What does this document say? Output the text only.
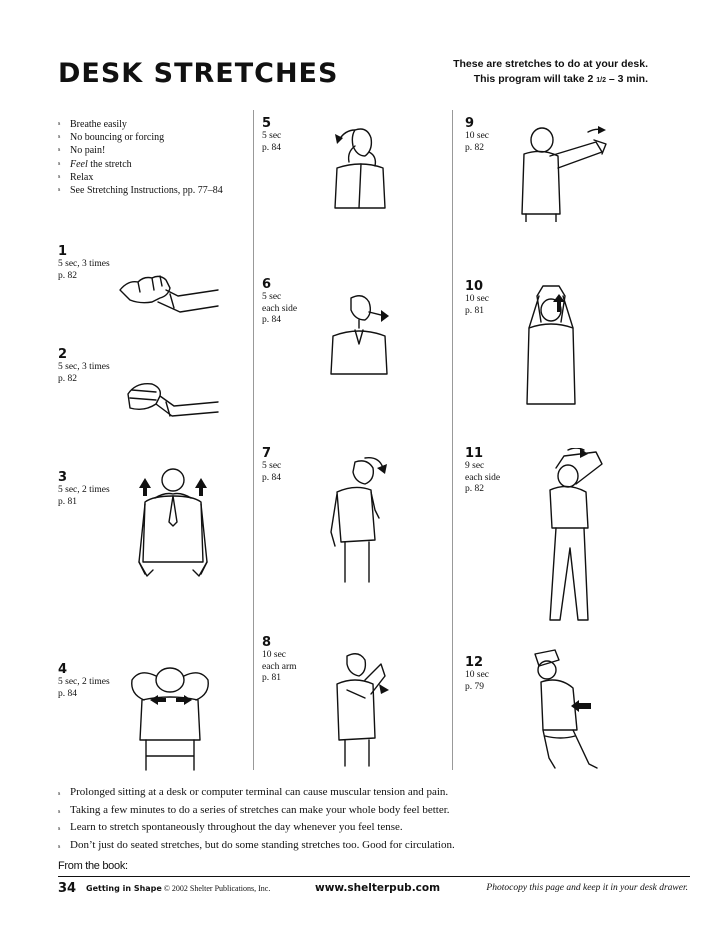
DESK STRETCHES	These are stretches to do at your desk.
This program will take 2 1/2 – 3 min.
s Breathe easily
s No bouncing or forcing
s No pain!
s Feel the stretch
s Relax
s See Stretching Instructions, pp. 77–84
1
5 sec, 3 times
p. 82
2
5 sec, 3 times
p. 82
3
5 sec, 2 times
p. 81
4
5 sec, 2 times
p. 84
5
5 sec
p. 84
6
5 sec
each side
p. 84
7
5 sec
p. 84
8
10 sec
each arm
p. 81
9
10 sec
p. 82
10
10 sec
p. 81
11
9 sec
each side
p. 82
12
10 sec
p. 79
s Prolonged sitting at a desk or computer terminal can cause muscular tension and pain.
s Taking a few minutes to do a series of stretches can make your whole body feel better.
s Learn to stretch spontaneously throughout the day whenever you feel tense.
s Don’t just do seated stretches, but do some standing stretches too. Good for circulation.
From the book:
34 Getting in Shape © 2002 Shelter Publications, Inc.	www.shelterpub.com	Photocopy this page and keep it in your desk drawer.
